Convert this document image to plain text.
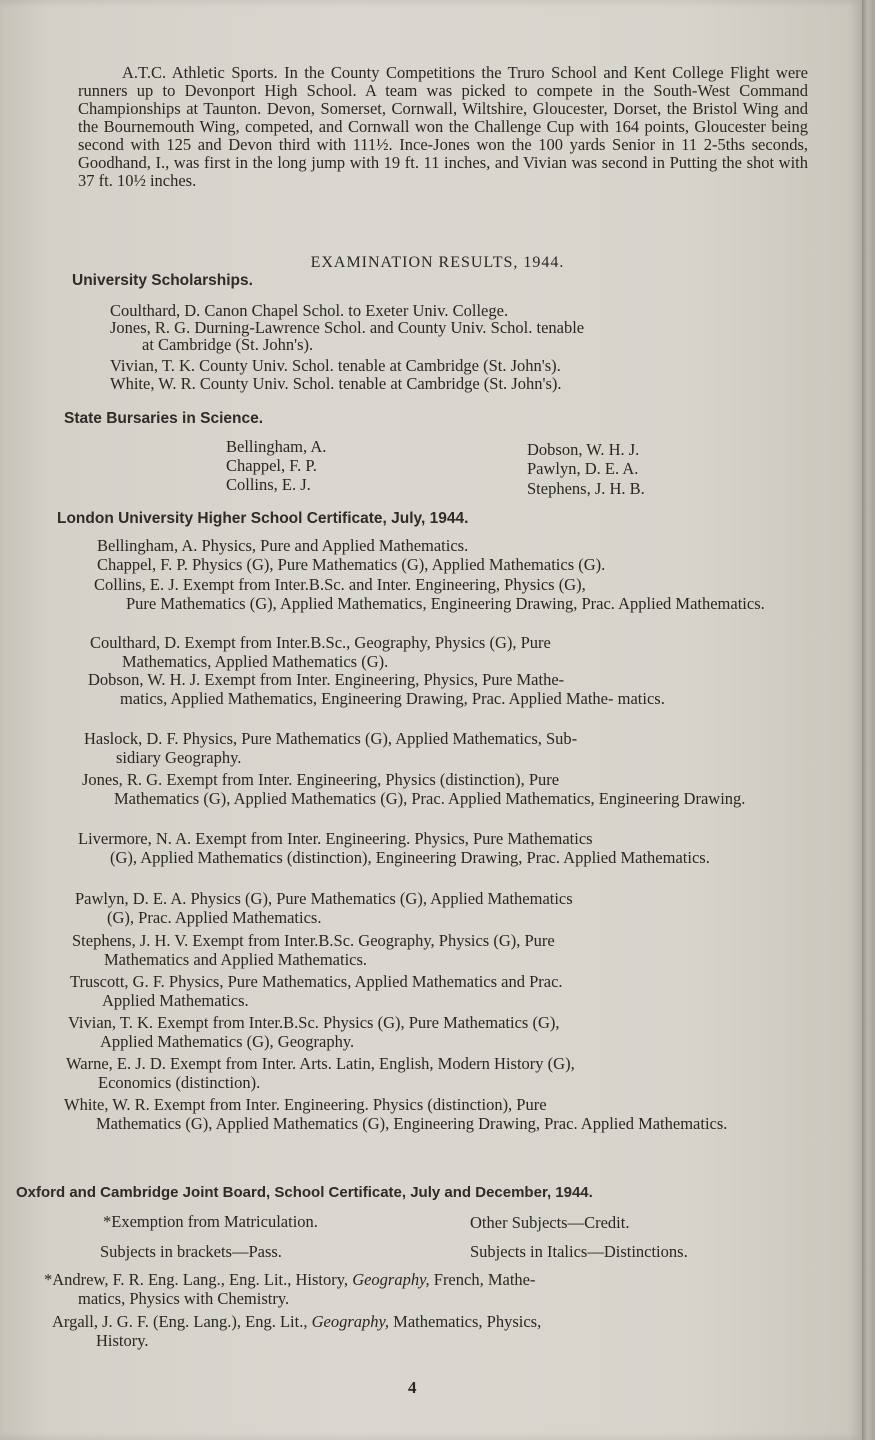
A.T.C. Athletic Sports. In the County Competitions the Truro School and Kent College Flight were runners up to Devonport High School. A team was picked to compete in the South-West Command Championships at Taunton. Devon, Somerset, Cornwall, Wiltshire, Gloucester, Dorset, the Bristol Wing and the Bournemouth Wing, competed, and Cornwall won the Challenge Cup with 164 points, Gloucester being second with 125 and Devon third with 111½. Ince-Jones won the 100 yards Senior in 11 2-5ths seconds, Goodhand, I., was first in the long jump with 19 ft. 11 inches, and Vivian was second in Putting the shot with 37 ft. 10½ inches.
EXAMINATION RESULTS, 1944.
University Scholarships.
Coulthard, D. Canon Chapel Schol. to Exeter Univ. College.
Jones, R. G. Durning-Lawrence Schol. and County Univ. Schol. tenable
at Cambridge (St. John's).
Vivian, T. K. County Univ. Schol. tenable at Cambridge (St. John's).
White, W. R. County Univ. Schol. tenable at Cambridge (St. John's).
State Bursaries in Science.
Bellingham, A.
Chappel, F. P.
Collins, E. J.
Dobson, W. H. J.
Pawlyn, D. E. A.
Stephens, J. H. B.
London University Higher School Certificate, July, 1944.
Bellingham, A. Physics, Pure and Applied Mathematics.
Chappel, F. P. Physics (G), Pure Mathematics (G), Applied Mathematics (G).
Collins, E. J. Exempt from Inter.B.Sc. and Inter. Engineering, Physics (G),
Pure Mathematics (G), Applied Mathematics, Engineering Drawing, Prac. Applied Mathematics.
Coulthard, D. Exempt from Inter.B.Sc., Geography, Physics (G), Pure
Mathematics, Applied Mathematics (G).
Dobson, W. H. J. Exempt from Inter. Engineering, Physics, Pure Mathe-
matics, Applied Mathematics, Engineering Drawing, Prac. Applied Mathe- matics.
Haslock, D. F. Physics, Pure Mathematics (G), Applied Mathematics, Sub-
sidiary Geography.
Jones, R. G. Exempt from Inter. Engineering, Physics (distinction), Pure
Mathematics (G), Applied Mathematics (G), Prac. Applied Mathematics, Engineering Drawing.
Livermore, N. A. Exempt from Inter. Engineering. Physics, Pure Mathematics
(G), Applied Mathematics (distinction), Engineering Drawing, Prac. Applied Mathematics.
Pawlyn, D. E. A. Physics (G), Pure Mathematics (G), Applied Mathematics
(G), Prac. Applied Mathematics.
Stephens, J. H. V. Exempt from Inter.B.Sc. Geography, Physics (G), Pure
Mathematics and Applied Mathematics.
Truscott, G. F. Physics, Pure Mathematics, Applied Mathematics and Prac.
Applied Mathematics.
Vivian, T. K. Exempt from Inter.B.Sc. Physics (G), Pure Mathematics (G),
Applied Mathematics (G), Geography.
Warne, E. J. D. Exempt from Inter. Arts. Latin, English, Modern History (G),
Economics (distinction).
White, W. R. Exempt from Inter. Engineering. Physics (distinction), Pure
Mathematics (G), Applied Mathematics (G), Engineering Drawing, Prac. Applied Mathematics.
Oxford and Cambridge Joint Board, School Certificate, July and December, 1944.
*Exemption from Matriculation.	Other Subjects—Credit.
Subjects in brackets—Pass.	Subjects in Italics—Distinctions.
*Andrew, F. R. Eng. Lang., Eng. Lit., History, Geography, French, Mathe-
matics, Physics with Chemistry.
Argall, J. G. F. (Eng. Lang.), Eng. Lit., Geography, Mathematics, Physics,
History.
4
